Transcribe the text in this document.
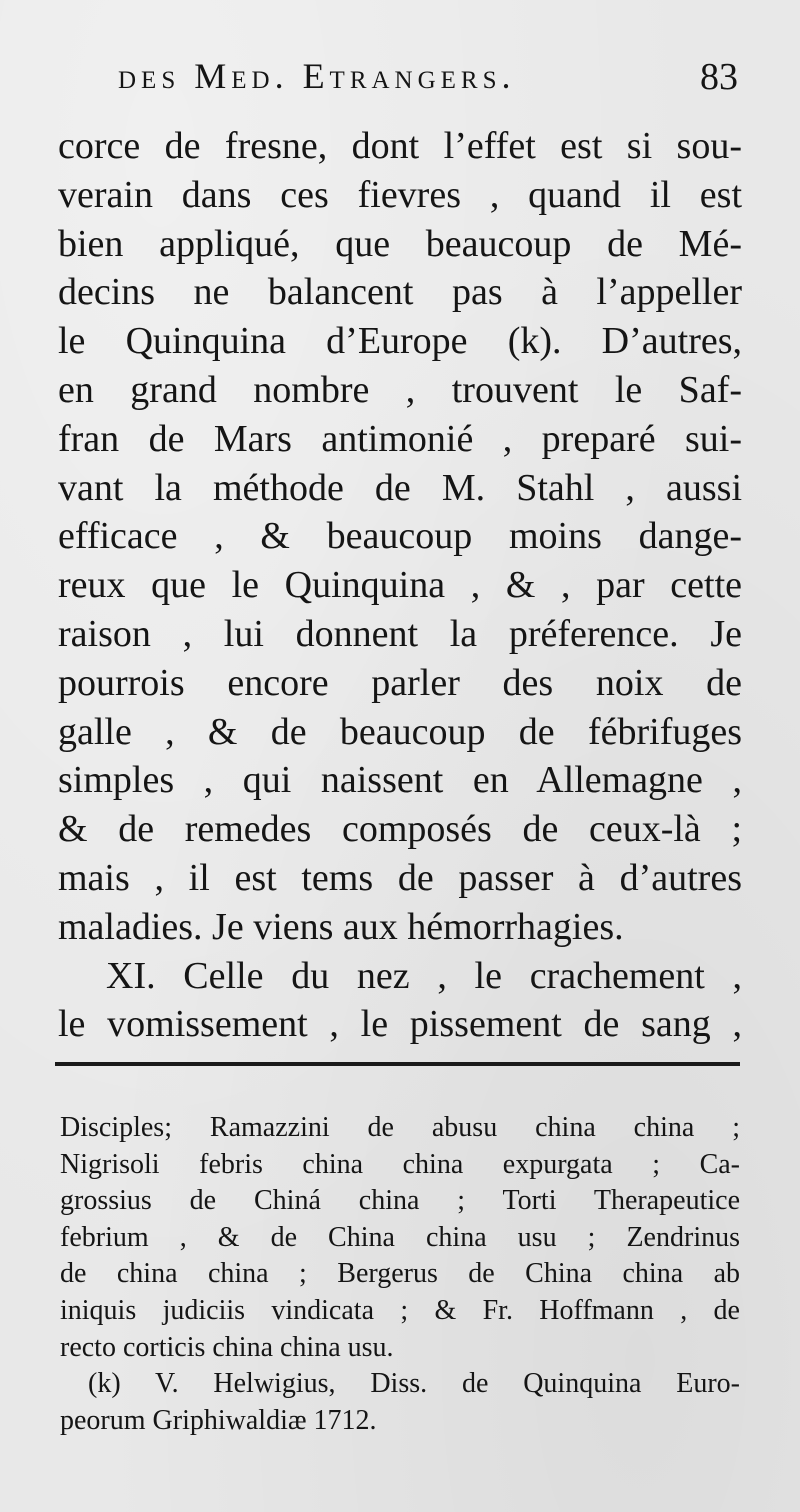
des Med. Etrangers.	83
corce de fresne, dont l’effet est si sou-
verain dans ces fievres , quand il est
bien appliqué, que beaucoup de Mé-
decins ne balancent pas à l’appeller
le Quinquina d’Europe (k). D’autres,
en grand nombre , trouvent le Saf-
fran de Mars antimonié , preparé sui-
vant la méthode de M. Stahl , aussi
efficace , & beaucoup moins dange-
reux que le Quinquina , & , par cette
raison , lui donnent la préference. Je
pourrois encore parler des noix de
galle , & de beaucoup de fébrifuges
simples , qui naissent en Allemagne ,
& de remedes composés de ceux-là ;
mais , il est tems de passer à d’autres
maladies. Je viens aux hémorrhagies.
XI. Celle du nez , le crachement ,
le vomissement , le pissement de sang ,
Disciples; Ramazzini de abusu china china ;
Nigrisoli febris china china expurgata ; Ca-
grossius de Chiná china ; Torti Therapeutice
febrium , & de China china usu ; Zendrinus
de china china ; Bergerus de China china ab
iniquis judiciis vindicata ; & Fr. Hoffmann , de
recto corticis china china usu.
(k) V. Helwigius, Diss. de Quinquina Euro-
peorum Griphiwaldiæ 1712.
